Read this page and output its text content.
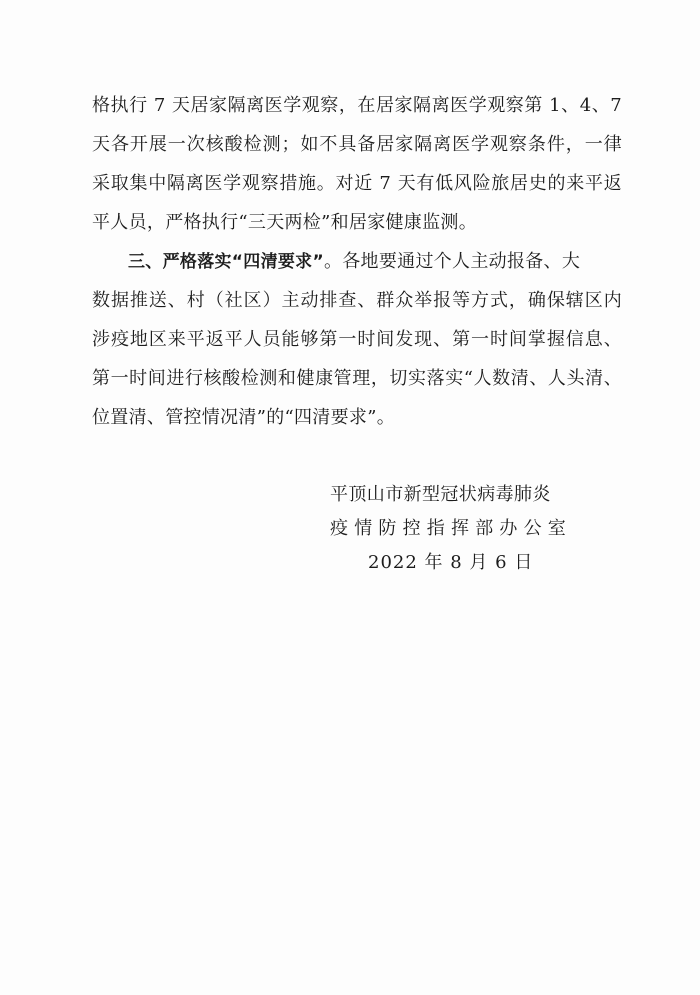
格执行 7 天居家隔离医学观察，在居家隔离医学观察第 1、4、7
天各开展一次核酸检测；如不具备居家隔离医学观察条件，一律
采取集中隔离医学观察措施。对近 7 天有低风险旅居史的来平返
平人员，严格执行“三天两检”和居家健康监测。
三、严格落实“四清要求”。各地要通过个人主动报备、大
数据推送、村（社区）主动排查、群众举报等方式，确保辖区内
涉疫地区来平返平人员能够第一时间发现、第一时间掌握信息、
第一时间进行核酸检测和健康管理，切实落实“人数清、人头清、
位置清、管控情况清”的“四清要求”。
平顶山市新型冠状病毒肺炎
疫情防控指挥部办公室
2022 年 8 月 6 日
